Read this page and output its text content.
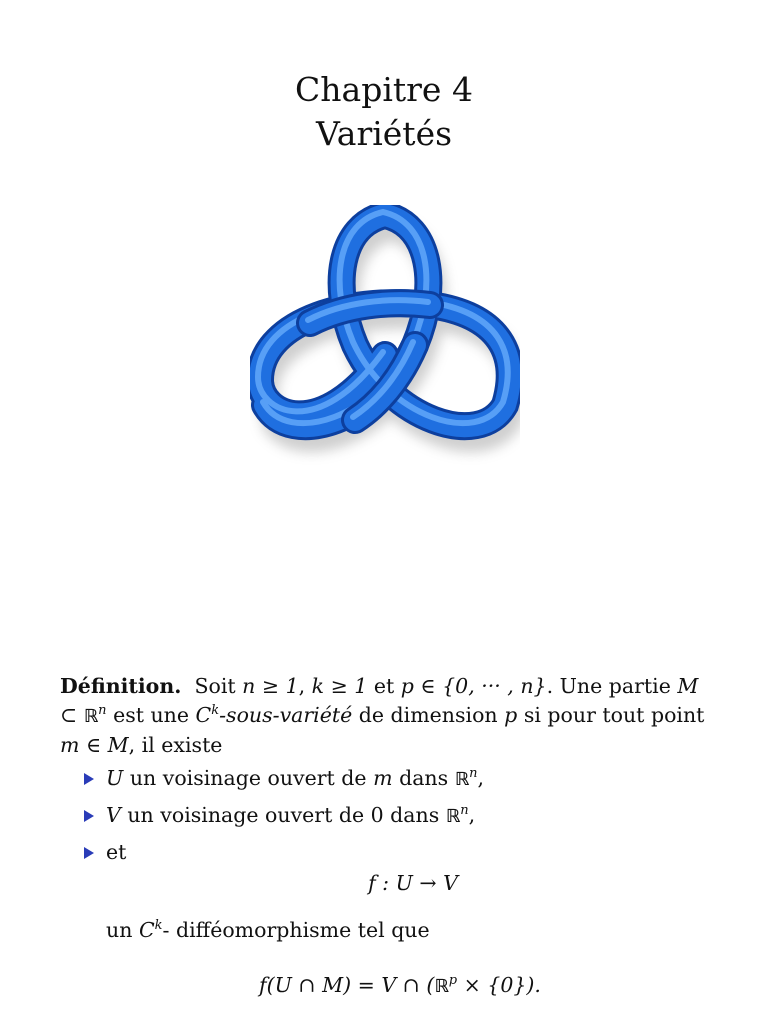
Chapitre 4
Variétés
Définition. Soit n ≥ 1, k ≥ 1 et p ∈ {0, ··· , n}. Une partie M ⊂ ℝ$^n$ est une $C^k-sous$-variété de dimension p si pour tout point m ∈ M, il existe
U un voisinage ouvert de m dans ℝ$^n$,
V un voisinage ouvert de 0 dans ℝ$^n$,
et
f : U → V
un $C^k-$ difféomorphisme tel que
f(U ∩ M) = V ∩ (ℝ$^p$ × {0}).
